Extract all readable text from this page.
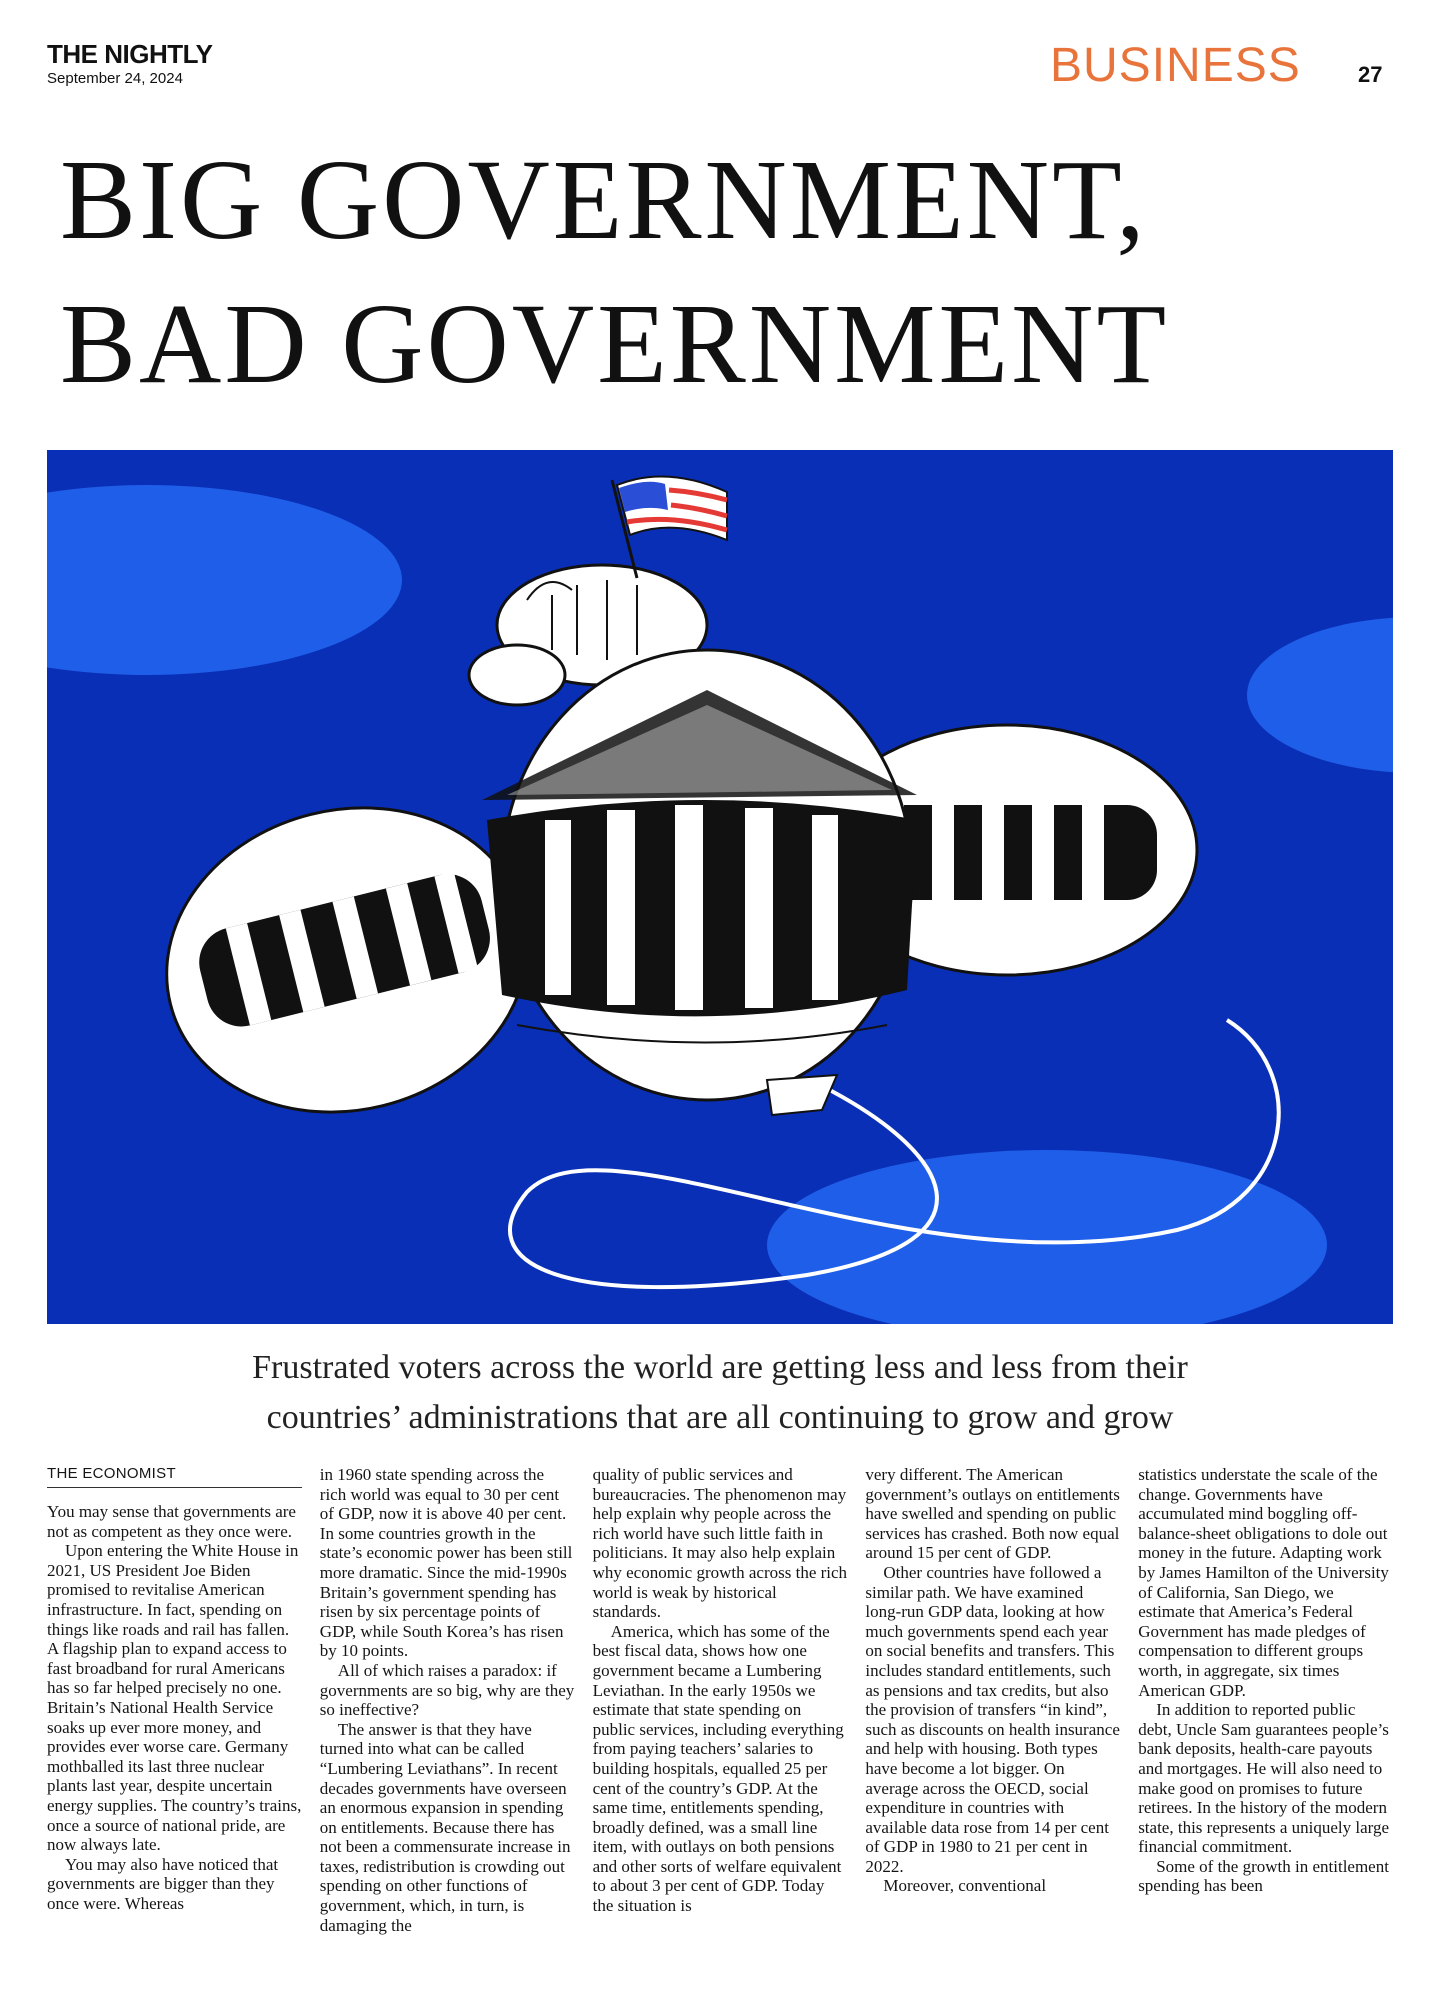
THE NIGHTLY
September 24, 2024	BUSINESS	27
BIG GOVERNMENT,
BAD GOVERNMENT
Frustrated voters across the world are getting less and less from their
countries’ administrations that are all continuing to grow and grow
THE ECONOMIST

You may sense that governments are not as competent as they once were.

Upon entering the White House in 2021, US President Joe Biden promised to revitalise American infrastructure. In fact, spending on things like roads and rail has fallen. A flagship plan to expand access to fast broadband for rural Americans has so far helped precisely no one. Britain’s National Health Service soaks up ever more money, and provides ever worse care. Germany mothballed its last three nuclear plants last year, despite uncertain energy supplies. The country’s trains, once a source of national pride, are now always late.

You may also have noticed that governments are bigger than they once were. Whereas

in 1960 state spending across the rich world was equal to 30 per cent of GDP, now it is above 40 per cent. In some countries growth in the state’s economic power has been still more dramatic. Since the mid-1990s Britain’s government spending has risen by six percentage points of GDP, while South Korea’s has risen by 10 points.

All of which raises a paradox: if governments are so big, why are they so ineffective?

The answer is that they have turned into what can be called “Lumbering Leviathans”. In recent decades governments have overseen an enormous expansion in spending on entitlements. Because there has not been a commensurate increase in taxes, redistribution is crowding out spending on other functions of government, which, in turn, is damaging the

quality of public services and bureaucracies. The phenomenon may help explain why people across the rich world have such little faith in politicians. It may also help explain why economic growth across the rich world is weak by historical standards.

America, which has some of the best fiscal data, shows how one government became a Lumbering Leviathan. In the early 1950s we estimate that state spending on public services, including everything from paying teachers’ salaries to building hospitals, equalled 25 per cent of the country’s GDP. At the same time, entitlements spending, broadly defined, was a small line item, with outlays on both pensions and other sorts of welfare equivalent to about 3 per cent of GDP. Today the situation is

very different. The American government’s outlays on entitlements have swelled and spending on public services has crashed. Both now equal around 15 per cent of GDP.

Other countries have followed a similar path. We have examined long-run GDP data, looking at how much governments spend each year on social benefits and transfers. This includes standard entitlements, such as pensions and tax credits, but also the provision of transfers “in kind”, such as discounts on health insurance and help with housing. Both types have become a lot bigger. On average across the OECD, social expenditure in countries with available data rose from 14 per cent of GDP in 1980 to 21 per cent in 2022.

Moreover, conventional

statistics understate the scale of the change. Governments have accumulated mind boggling off-balance-sheet obligations to dole out money in the future. Adapting work by James Hamilton of the University of California, San Diego, we estimate that America’s Federal Government has made pledges of compensation to different groups worth, in aggregate, six times American GDP.

In addition to reported public debt, Uncle Sam guarantees people’s bank deposits, health-care payouts and mortgages. He will also need to make good on promises to future retirees. In the history of the modern state, this represents a uniquely large financial commitment.

Some of the growth in entitlement spending has been
